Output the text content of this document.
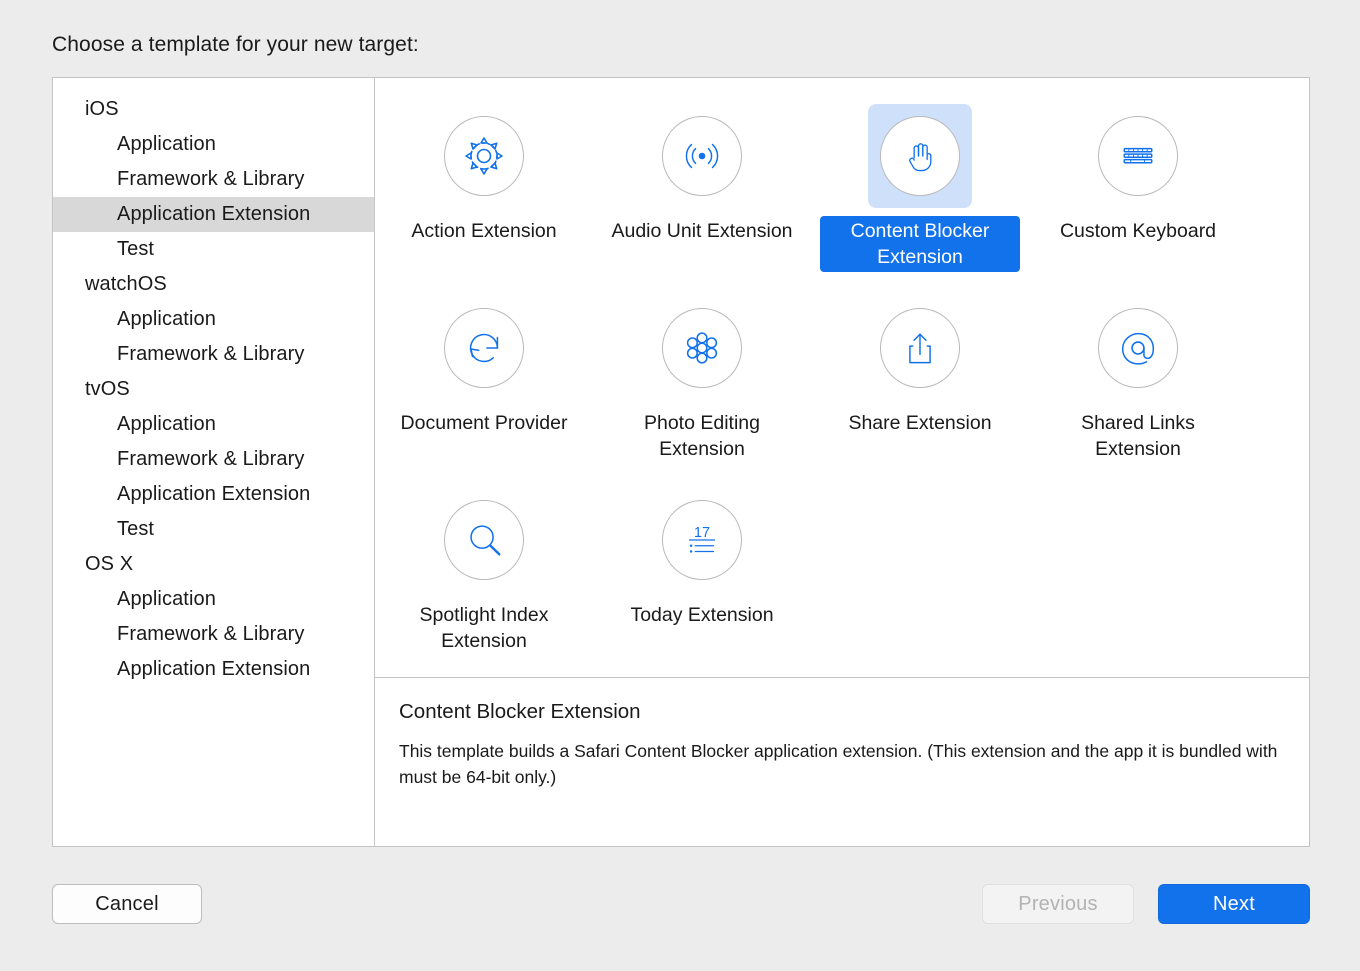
Choose a template for your new target:
iOS
Application
Framework & Library
Application Extension
Test
watchOS
Application
Framework & Library
tvOS
Application
Framework & Library
Application Extension
Test
OS X
Application
Framework & Library
Application Extension
Action Extension	Audio Unit Extension	Content Blocker Extension
Custom Keyboard
Document Provider	Photo Editing Extension
Share Extension	Shared Links Extension
Spotlight Index Extension
17
Today Extension
Content Blocker Extension
This template builds a Safari Content Blocker application extension. (This extension and the app it is bundled with must be 64-bit only.)
Cancel	Previous	Next
